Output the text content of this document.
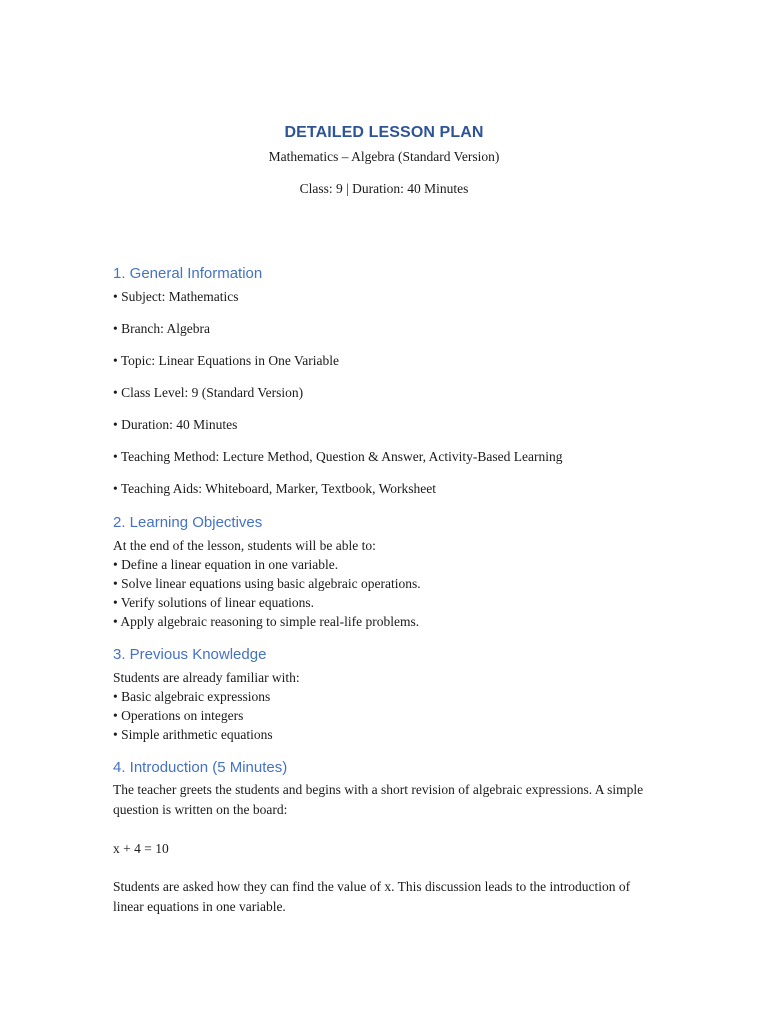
DETAILED LESSON PLAN
Mathematics – Algebra (Standard Version)
Class: 9 | Duration: 40 Minutes
1. General Information
• Subject: Mathematics
• Branch: Algebra
• Topic: Linear Equations in One Variable
• Class Level: 9 (Standard Version)
• Duration: 40 Minutes
• Teaching Method: Lecture Method, Question & Answer, Activity-Based Learning
• Teaching Aids: Whiteboard, Marker, Textbook, Worksheet
2. Learning Objectives
At the end of the lesson, students will be able to:
• Define a linear equation in one variable.
• Solve linear equations using basic algebraic operations.
• Verify solutions of linear equations.
• Apply algebraic reasoning to simple real-life problems.
3. Previous Knowledge
Students are already familiar with:
• Basic algebraic expressions
• Operations on integers
• Simple arithmetic equations
4. Introduction (5 Minutes)
The teacher greets the students and begins with a short revision of algebraic expressions. A simple question is written on the board:
x + 4 = 10
Students are asked how they can find the value of x. This discussion leads to the introduction of linear equations in one variable.
